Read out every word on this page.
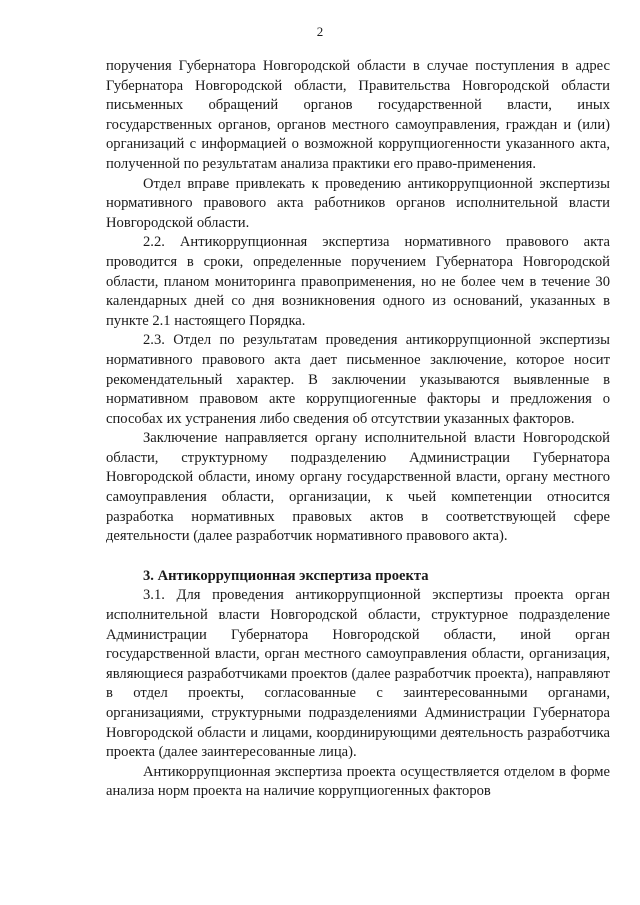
2

поручения Губернатора Новгородской области в случае поступления в адрес Губернатора Новгородской области, Правительства Новгородской области письменных обращений органов государственной власти, иных государственных органов, органов местного самоуправления, граждан и (или) организаций с информацией о возможной коррупциогенности указанного акта, полученной по результатам анализа практики его право-применения.

Отдел вправе привлекать к проведению антикоррупционной экспертизы нормативного правового акта работников органов исполнительной власти Новгородской области.

2.2. Антикоррупционная экспертиза нормативного правового акта проводится в сроки, определенные поручением Губернатора Новгородской области, планом мониторинга правоприменения, но не более чем в течение 30 календарных дней со дня возникновения одного из оснований, указанных в пункте 2.1 настоящего Порядка.

2.3. Отдел по результатам проведения антикоррупционной экспертизы нормативного правового акта дает письменное заключение, которое носит рекомендательный характер. В заключении указываются выявленные в нормативном правовом акте коррупциогенные факторы и предложения о способах их устранения либо сведения об отсутствии указанных факторов.

Заключение направляется органу исполнительной власти Новгородской области, структурному подразделению Администрации Губернатора Новгородской области, иному органу государственной власти, органу местного самоуправления области, организации, к чьей компетенции относится разработка нормативных правовых актов в соответствующей сфере деятельности (далее разработчик нормативного правового акта).

3. Антикоррупционная экспертиза проекта

3.1. Для проведения антикоррупционной экспертизы проекта орган исполнительной власти Новгородской области, структурное подразделение Администрации Губернатора Новгородской области, иной орган государственной власти, орган местного самоуправления области, организация, являющиеся разработчиками проектов (далее разработчик проекта), направляют в отдел проекты, согласованные с заинтересованными органами, организациями, структурными подразделениями Администрации Губернатора Новгородской области и лицами, координирующими деятельность разработчика проекта (далее заинтересованные лица).

Антикоррупционная экспертиза проекта осуществляется отделом в форме анализа норм проекта на наличие коррупциогенных факторов
